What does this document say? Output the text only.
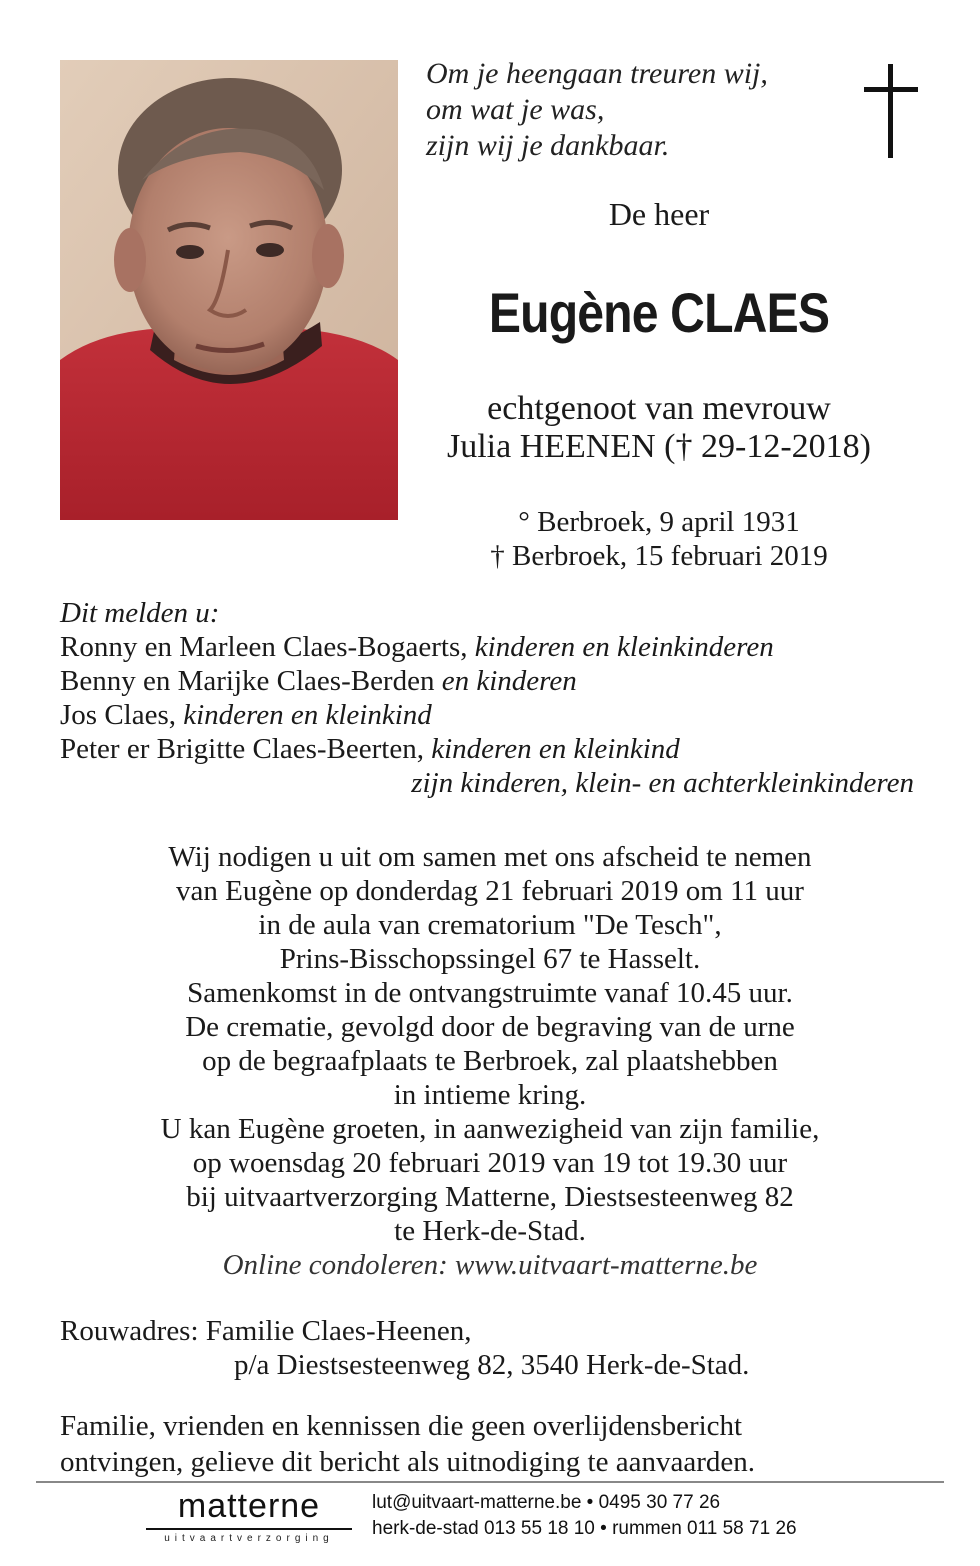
Om je heengaan treuren wij,
om wat je was,
zijn wij je dankbaar.
De heer
Eugène CLAES
echtgenoot van mevrouw
Julia HEENEN († 29-12-2018)
° Berbroek, 9 april 1931
† Berbroek, 15 februari 2019
Dit melden u:
Ronny en Marleen Claes-Bogaerts, kinderen en kleinkinderen
Benny en Marijke Claes-Berden en kinderen
Jos Claes, kinderen en kleinkind
Peter er Brigitte Claes-Beerten, kinderen en kleinkind
zijn kinderen, klein- en achterkleinkinderen
Wij nodigen u uit om samen met ons afscheid te nemen
van Eugène op donderdag 21 februari 2019 om 11 uur
in de aula van crematorium "De Tesch",
Prins-Bisschopssingel 67 te Hasselt.
Samenkomst in de ontvangstruimte vanaf 10.45 uur.
De crematie, gevolgd door de begraving van de urne
op de begraafplaats te Berbroek, zal plaatshebben
in intieme kring.
U kan Eugène groeten, in aanwezigheid van zijn familie,
op woensdag 20 februari 2019 van 19 tot 19.30 uur
bij uitvaartverzorging Matterne, Diestsesteenweg 82
te Herk-de-Stad.
Online condoleren: www.uitvaart-matterne.be
Rouwadres: Familie Claes-Heenen,
p/a Diestsesteenweg 82, 3540 Herk-de-Stad.
Familie, vrienden en kennissen die geen overlijdensbericht
ontvingen, gelieve dit bericht als uitnodiging te aanvaarden.
matterne
uitvaartverzorging
lut@uitvaart-matterne.be • 0495 30 77 26
herk-de-stad 013 55 18 10 • rummen 011 58 71 26
